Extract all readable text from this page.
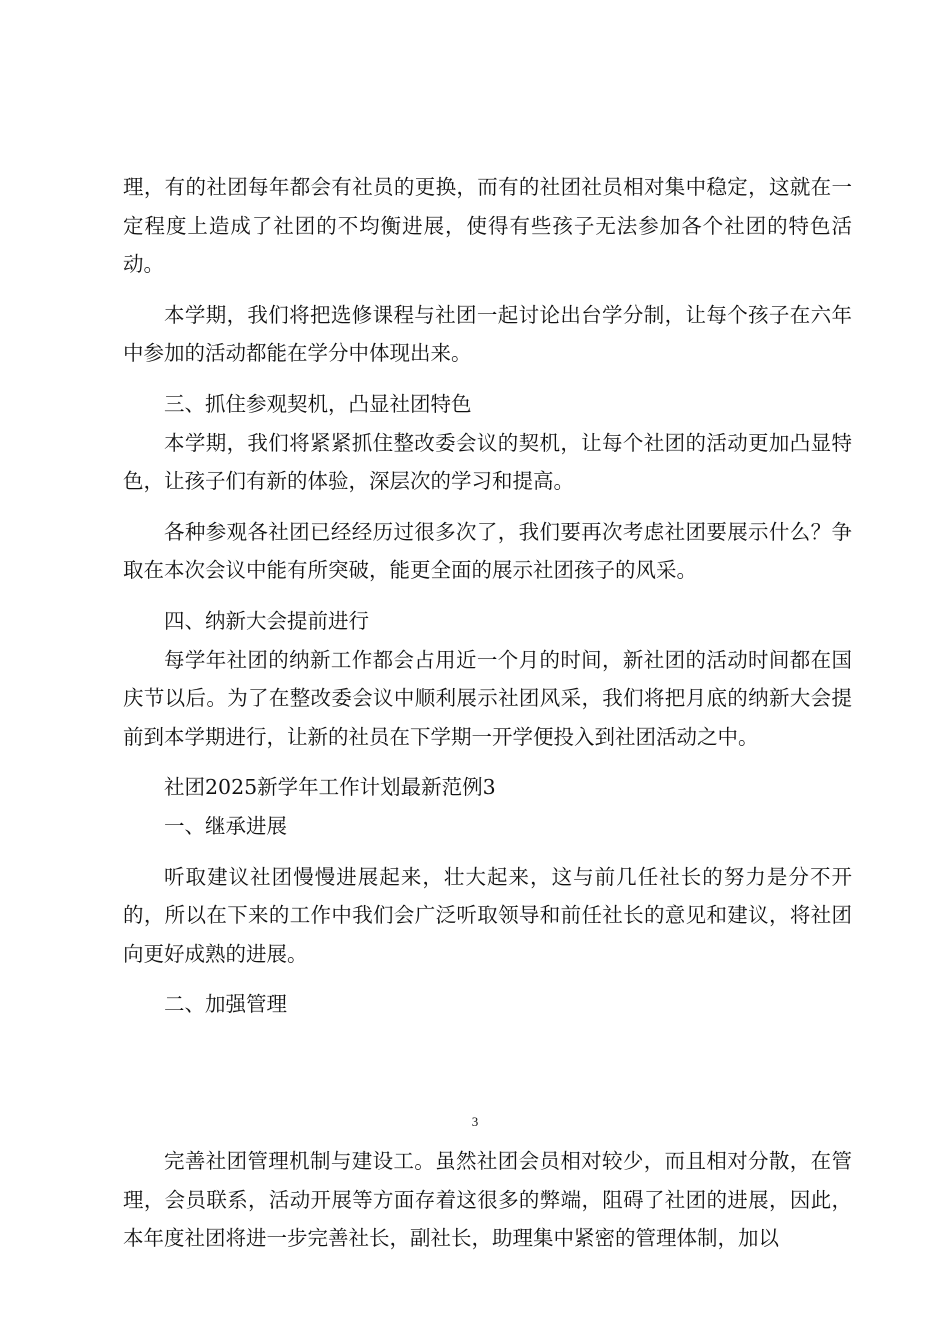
理，有的社团每年都会有社员的更换，而有的社团社员相对集中稳定，这就在一定程度上造成了社团的不均衡进展，使得有些孩子无法参加各个社团的特色活动。

本学期，我们将把选修课程与社团一起讨论出台学分制，让每个孩子在六年中参加的活动都能在学分中体现出来。

三、抓住参观契机，凸显社团特色

本学期，我们将紧紧抓住整改委会议的契机，让每个社团的活动更加凸显特色，让孩子们有新的体验，深层次的学习和提高。

各种参观各社团已经经历过很多次了，我们要再次考虑社团要展示什么？争取在本次会议中能有所突破，能更全面的展示社团孩子的风采。

四、纳新大会提前进行

每学年社团的纳新工作都会占用近一个月的时间，新社团的活动时间都在国庆节以后。为了在整改委会议中顺利展示社团风采，我们将把月底的纳新大会提前到本学期进行，让新的社员在下学期一开学便投入到社团活动之中。

社团2025新学年工作计划最新范例3

一、继承进展

听取建议社团慢慢进展起来，壮大起来，这与前几任社长的努力是分不开的，所以在下来的工作中我们会广泛听取领导和前任社长的意见和建议，将社团向更好成熟的进展。

二、加强管理

3

完善社团管理机制与建设工。虽然社团会员相对较少，而且相对分散，在管理，会员联系，活动开展等方面存着这很多的弊端，阻碍了社团的进展，因此，本年度社团将进一步完善社长，副社长，助理集中紧密的管理体制，加以
